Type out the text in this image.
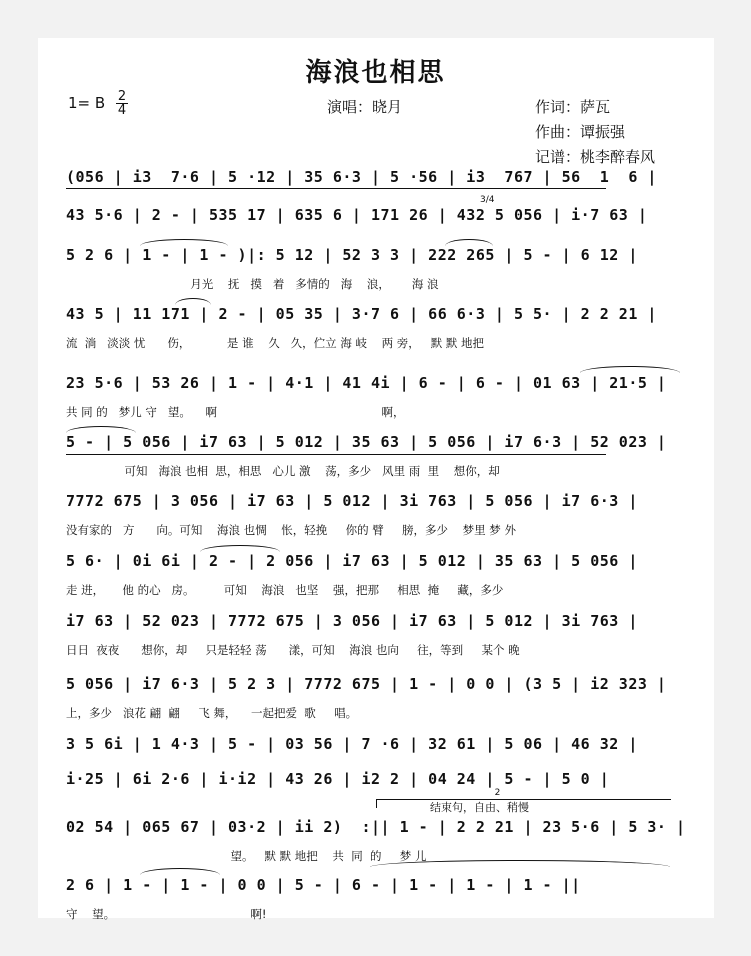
海浪也相思
1= B 2
4	演唱：晓月	作词：萨瓦
作曲：谭振强
记谱：桃李醉春风
(056 | i3  7·6 | 5 ·12 | 35 6·3 | 5 ·56 | i3  767 | 56  1  6 |
43 5·6 | 2 - | 535 17 | 635 6 | 171 26 | 432 5 056 | i·7 63 |
3/4
5 2 6 | 1 - | 1 - )|: 5 12 | 52 3 3 | 222 265 | 5 - | 6 12 |
月光    抚   摸   着   多情的   海    浪，      海 浪
43 5 | 11 171 | 2 - | 05 35 | 3·7 6 | 66 6·3 | 5 5· | 2 2 21 |
流  淌   淡淡 忧      伤，          是 谁    久   久，伫立 海 岐    两 旁，   默 默 地把
23 5·6 | 53 26 | 1 - | 4·1 | 41 4i | 6 - | 6 - | 01 63 | 21·5 |
共 同 的   梦儿 守   望。    啊                                             啊，
5 - | 5 056 | i7 63 | 5 012 | 35 63 | 5 056 | i7 6·3 | 52 023 |
可知   海浪 也相  思，相思   心儿 激    荡，多少   风里 雨  里    想你，却
7772 675 | 3 056 | i7 63 | 5 012 | 3i 763 | 5 056 | i7 6·3 |
没有家的   方      向。可知    海浪 也惆    怅，轻挽     你的 臂     膀，多少    梦里 梦 外
5 6· | 0i 6i | 2 - | 2 056 | i7 63 | 5 012 | 35 63 | 5 056 |
走 进，     他 的心   房。        可知    海浪   也坚    强，把那     相思  掩     藏，多少
i7 63 | 52 023 | 7772 675 | 3 056 | i7 63 | 5 012 | 3i 763 |
日日  夜夜      想你，却     只是轻轻 荡      漾，可知    海浪 也向     往，等到     某个 晚
5 056 | i7 6·3 | 5 2 3 | 7772 675 | 1 - | 0 0 | (3 5 | i2 323 |
上，多少   浪花 翩  翩     飞 舞，    一起把爱  歌     唱。
3 5 6i | 1 4·3 | 5 - | 03 56 | 7 ·6 | 32 61 | 5 06 | 46 32 |
i·25 | 6i 2·6 | i·i2 | 43 26 | i2 2 | 04 24 | 5 - | 5 0 |
2
结束句，自由、稍慢
02 54 | 065 67 | 03·2 | ii 2)  :|| 1 - | 2 2 21 | 23 5·6 | 5 3· |
望。   默 默 地把    共  同  的     梦 儿
2 6 | 1 - | 1 - | 0 0 | 5 - | 6 - | 1 - | 1 - | 1 - ||
守    望。                                     啊!
